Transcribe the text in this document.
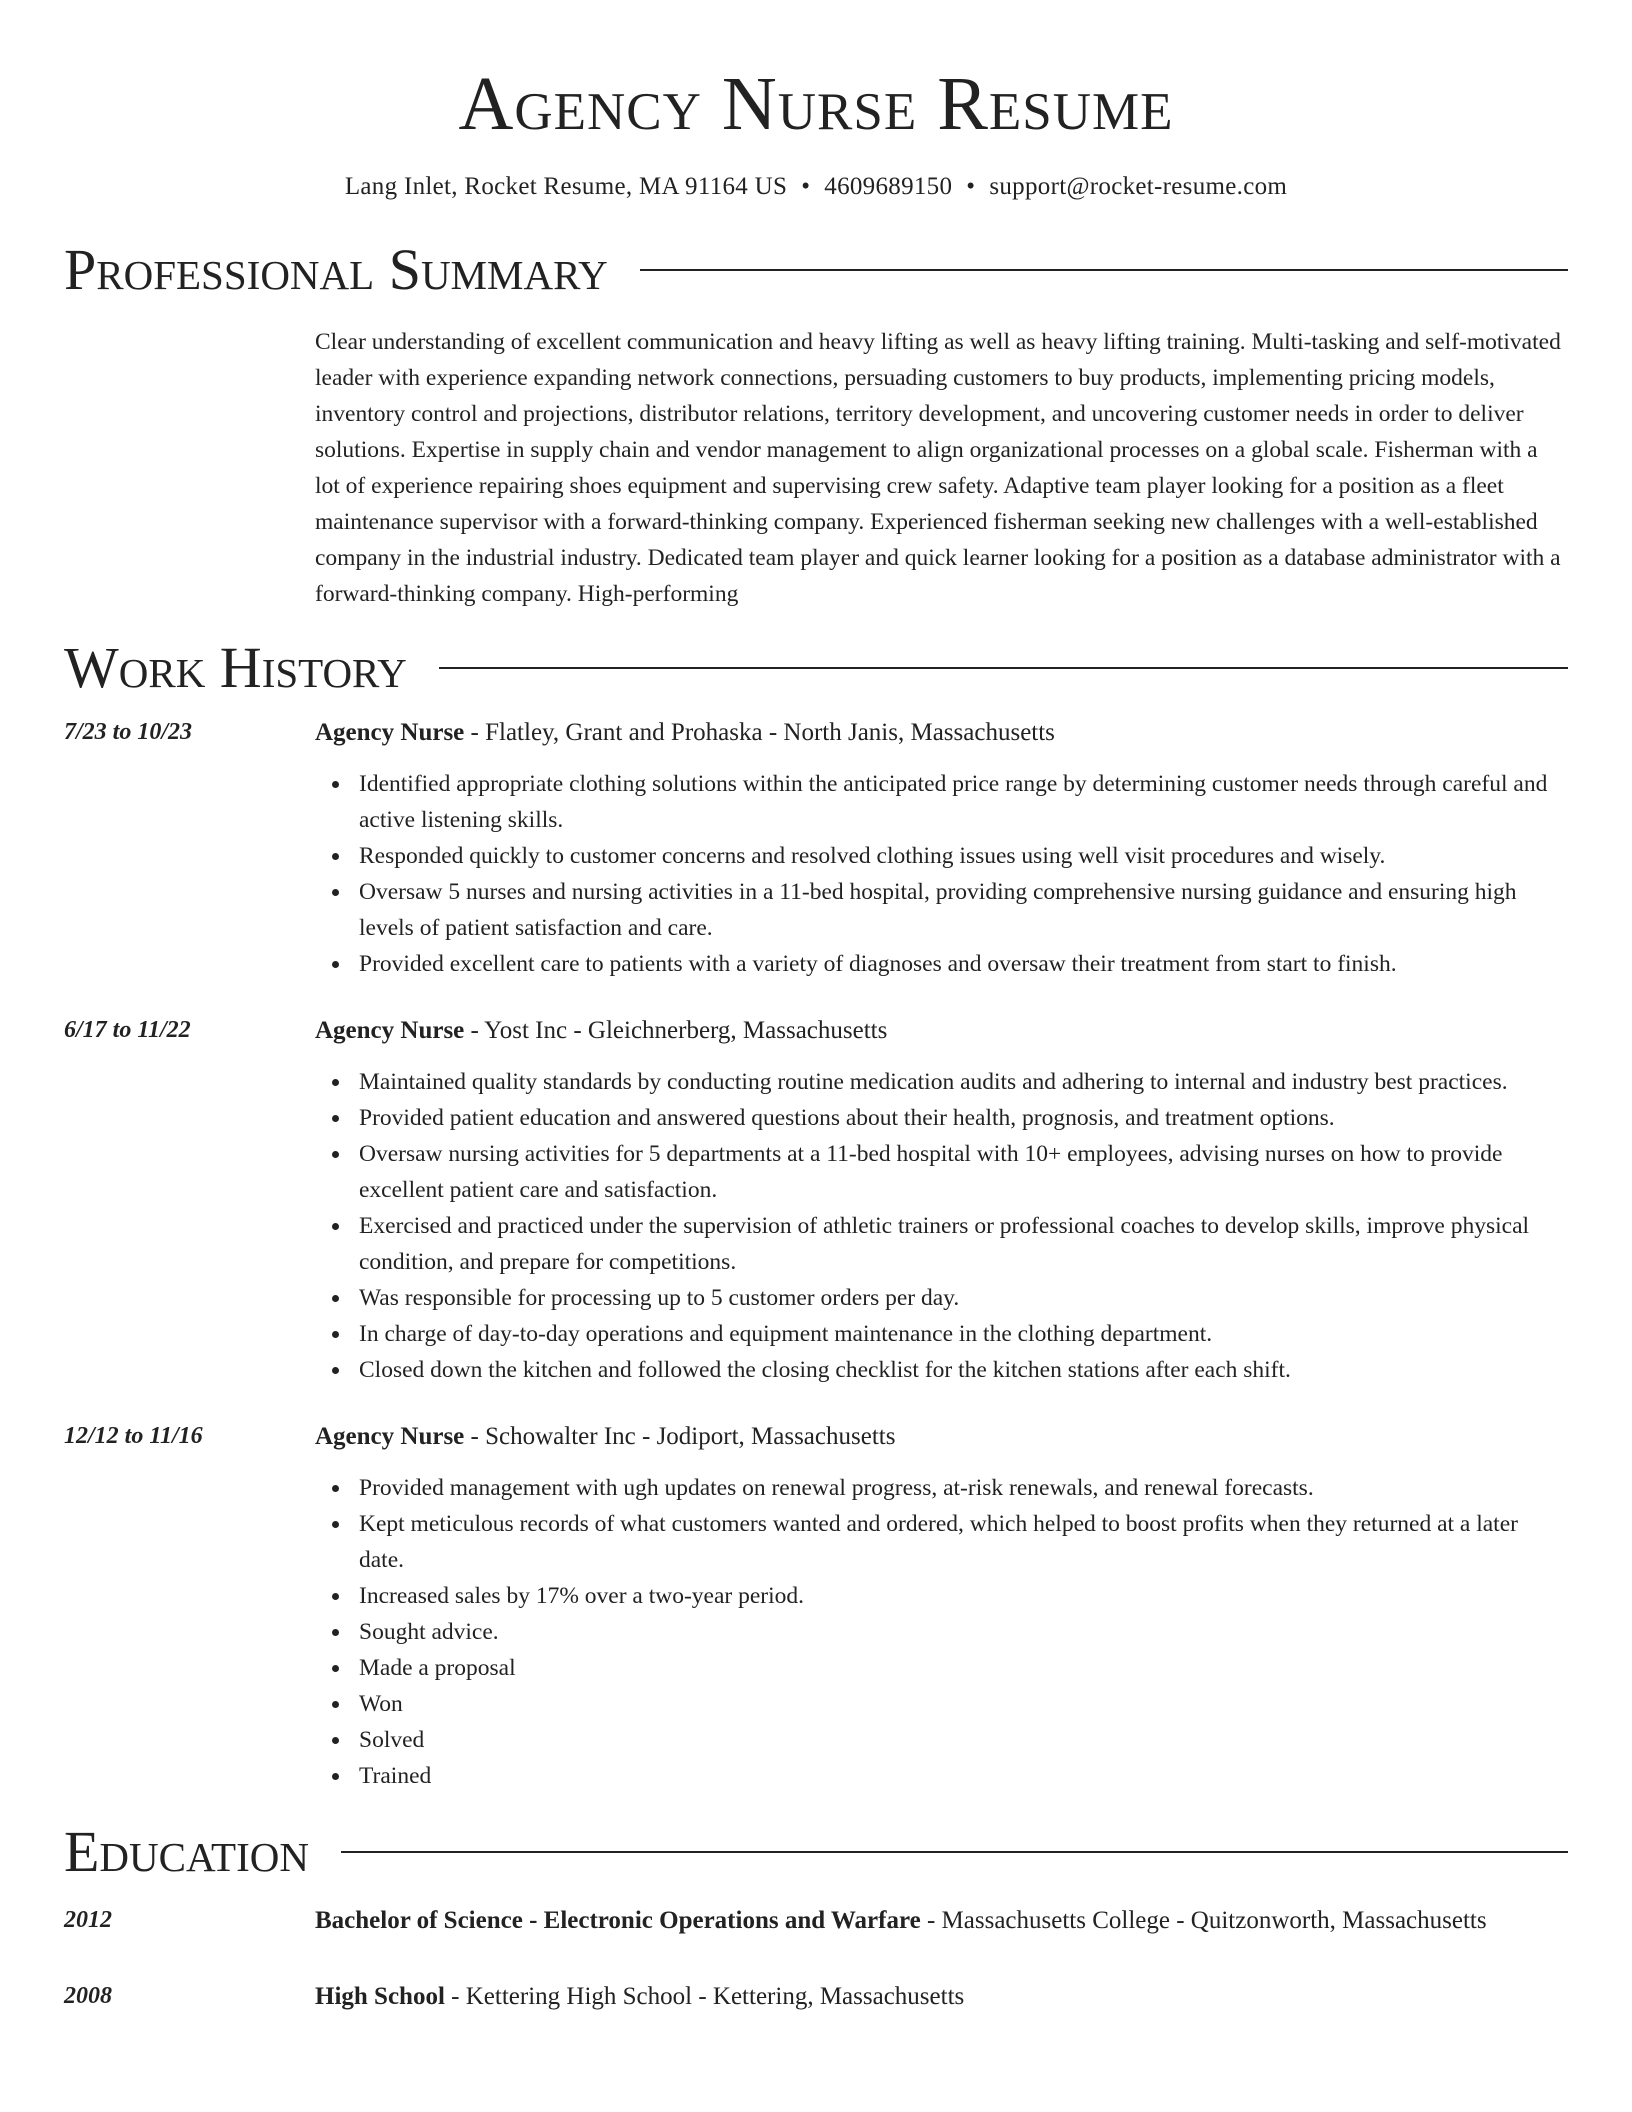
Agency Nurse Resume
Lang Inlet, Rocket Resume, MA 91164 US • 4609689150 • support@rocket-resume.com
Professional Summary
Clear understanding of excellent communication and heavy lifting as well as heavy lifting training. Multi-tasking and self-motivated leader with experience expanding network connections, persuading customers to buy products, implementing pricing models, inventory control and projections, distributor relations, territory development, and uncovering customer needs in order to deliver solutions. Expertise in supply chain and vendor management to align organizational processes on a global scale. Fisherman with a lot of experience repairing shoes equipment and supervising crew safety. Adaptive team player looking for a position as a fleet maintenance supervisor with a forward-thinking company. Experienced fisherman seeking new challenges with a well-established company in the industrial industry. Dedicated team player and quick learner looking for a position as a database administrator with a forward-thinking company. High-performing
Work History
7/23 to 10/23	Agency Nurse - Flatley, Grant and Prohaska - North Janis, Massachusetts
Identified appropriate clothing solutions within the anticipated price range by determining customer needs through careful and active listening skills.
Responded quickly to customer concerns and resolved clothing issues using well visit procedures and wisely.
Oversaw 5 nurses and nursing activities in a 11-bed hospital, providing comprehensive nursing guidance and ensuring high levels of patient satisfaction and care.
Provided excellent care to patients with a variety of diagnoses and oversaw their treatment from start to finish.
6/17 to 11/22	Agency Nurse - Yost Inc - Gleichnerberg, Massachusetts
Maintained quality standards by conducting routine medication audits and adhering to internal and industry best practices.
Provided patient education and answered questions about their health, prognosis, and treatment options.
Oversaw nursing activities for 5 departments at a 11-bed hospital with 10+ employees, advising nurses on how to provide excellent patient care and satisfaction.
Exercised and practiced under the supervision of athletic trainers or professional coaches to develop skills, improve physical condition, and prepare for competitions.
Was responsible for processing up to 5 customer orders per day.
In charge of day-to-day operations and equipment maintenance in the clothing department.
Closed down the kitchen and followed the closing checklist for the kitchen stations after each shift.
12/12 to 11/16	Agency Nurse - Schowalter Inc - Jodiport, Massachusetts
Provided management with ugh updates on renewal progress, at-risk renewals, and renewal forecasts.
Kept meticulous records of what customers wanted and ordered, which helped to boost profits when they returned at a later date.
Increased sales by 17% over a two-year period.
Sought advice.
Made a proposal
Won
Solved
Trained
Education
2012	Bachelor of Science - Electronic Operations and Warfare - Massachusetts College - Quitzonworth, Massachusetts
2008	High School - Kettering High School - Kettering, Massachusetts
